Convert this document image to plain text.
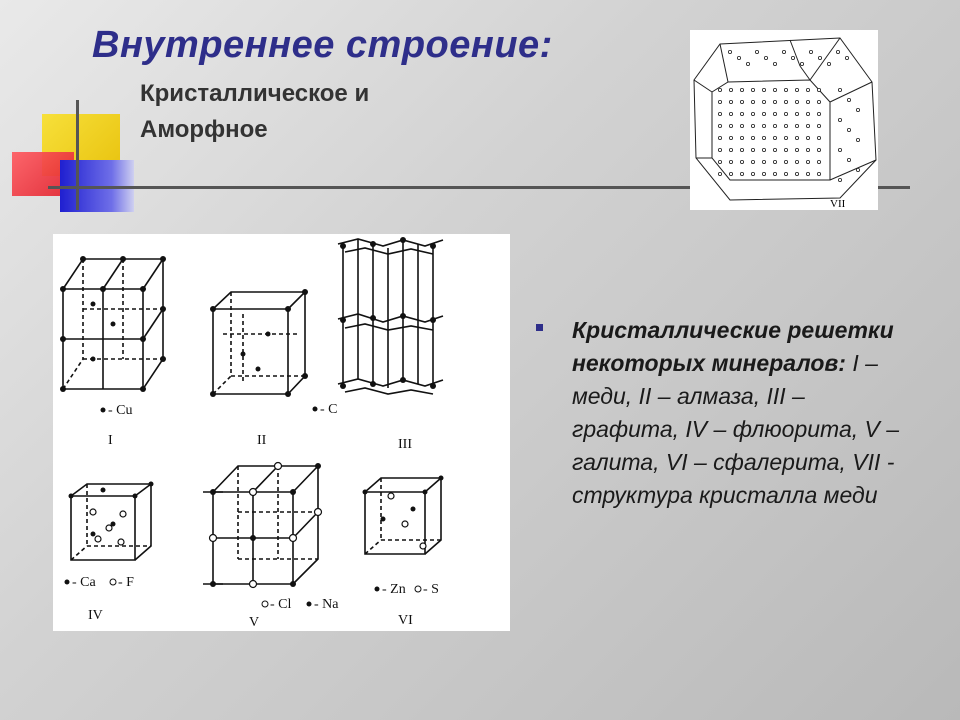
Внутреннее строение:
Кристаллическое и
Аморфное
VII
- Cu
I
- C
II	III
- Ca - F
IV
- Cl - Na
V
- Zn - S
VI
Кристаллические решетки некоторых минералов: I – меди, II – алмаза, III – графита, IV – флюорита, V – галита, VI – сфалерита, VII - структура кристалла меди
